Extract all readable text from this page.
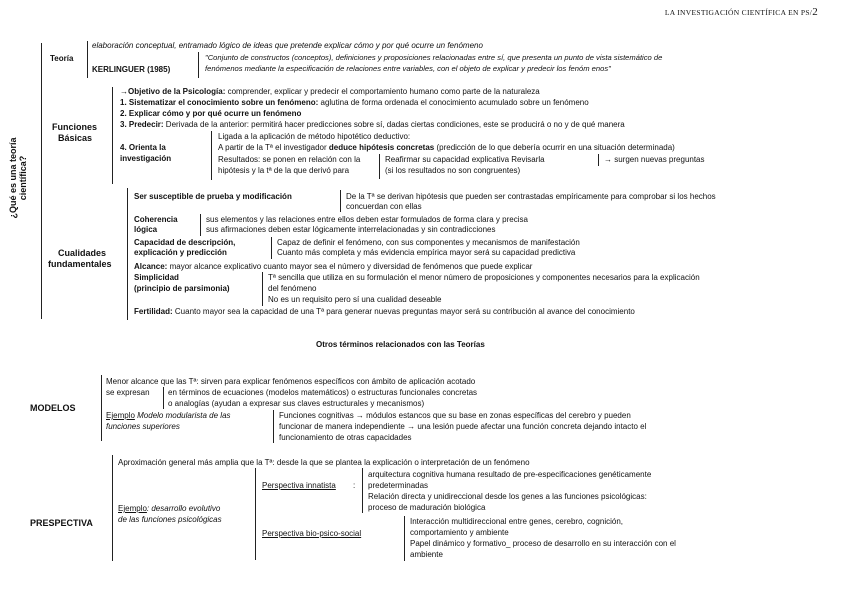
LA INVESTIGACIÓN CIENTÍFICA EN PS/2
¿Qué es una teoría científica?
Teoría
elaboración conceptual, entramado lógico de ideas que pretende explicar cómo y por qué ocurre un fenómeno
KERLINGUER (1985)
"Conjunto de constructos (conceptos), definiciones y proposiciones relacionadas entre sí, que presenta un punto de vista sistemático de
fenómenos mediante la especificación de relaciones entre variables, con el objeto de explicar y predecir los fenóm enos"
Funciones
Básicas
→Objetivo de la Psicología: comprender, explicar y predecir el comportamiento humano como parte de la naturaleza
1. Sistematizar el conocimiento sobre un fenómeno: aglutina de forma ordenada el conocimiento acumulado sobre un fenómeno
2. Explicar cómo y por qué ocurre un fenómeno
3. Predecir: Derivada de la anterior: permitirá hacer predicciones sobre sí, dadas ciertas condiciones, este se producirá o no y de qué manera
4. Orienta la
investigación
Ligada a la aplicación de método hipotético deductivo:
A partir de la Tª el investigador deduce hipótesis concretas (predicción de lo que debería ocurrir en una situación determinada)
Resultados: se ponen en relación con la
hipótesis y la tª de la que derivó para
Reafirmar su capacidad explicativa Revisarla
(si los resultados no son congruentes)
→ surgen nuevas preguntas
Cualidades
fundamentales
Ser susceptible de prueba y modificación	De la Tª se derivan hipótesis que pueden ser contrastadas empíricamente para comprobar si los hechos
concuerdan con ellas
Coherencia
lógica
sus elementos y las relaciones entre ellos deben estar formulados de forma clara y precisa
sus afirmaciones deben estar lógicamente interrelacionadas y sin contradicciones
Capacidad de descripción,
explicación y predicción
Capaz de definir el fenómeno, con sus componentes y mecanismos de manifestación
Cuanto más completa y más evidencia empírica mayor será su capacidad predictiva
Alcance: mayor alcance explicativo cuanto mayor sea el número y diversidad de fenómenos que puede explicar
Simplicidad
(principio de parsimonia)
Tª sencilla que utiliza en su formulación el menor número de proposiciones y componentes necesarios para la explicación
del fenómeno
No es un requisito pero sí una cualidad deseable
Fertilidad: Cuanto mayor sea la capacidad de una Tª para generar nuevas preguntas mayor será su contribución al avance del conocimiento
Otros términos relacionados con las Teorías
MODELOS
Menor alcance que las Tª: sirven para explicar fenómenos específicos con ámbito de aplicación acotado
se expresan en términos de ecuaciones (modelos matemáticos) o estructuras funcionales concretas
o analogías (ayudan a expresar sus claves estructurales y mecanismos)
Ejemplo Modelo modularista de las
funciones superiores
Funciones cognitivas → módulos estancos que su base en zonas específicas del cerebro y pueden
funcionar de manera independiente → una lesión puede afectar una función concreta dejando intacto el
funcionamiento de otras capacidades
PRESPECTIVA
Aproximación general más amplia que la Tª: desde la que se plantea la explicación o interpretación de un fenómeno
Ejemplo: desarrollo evolutivo
de las funciones psicológicas
Perspectiva innatista :
arquitectura cognitiva humana resultado de pre-especificaciones genéticamente
predeterminadas
Relación directa y unidireccional desde los genes a las funciones psicológicas:
proceso de maduración biológica
Perspectiva bio-psico-social
Interacción multidireccional entre genes, cerebro, cognición,
comportamiento y ambiente
Papel dinámico y formativo_ proceso de desarrollo en su interacción con el
ambiente
